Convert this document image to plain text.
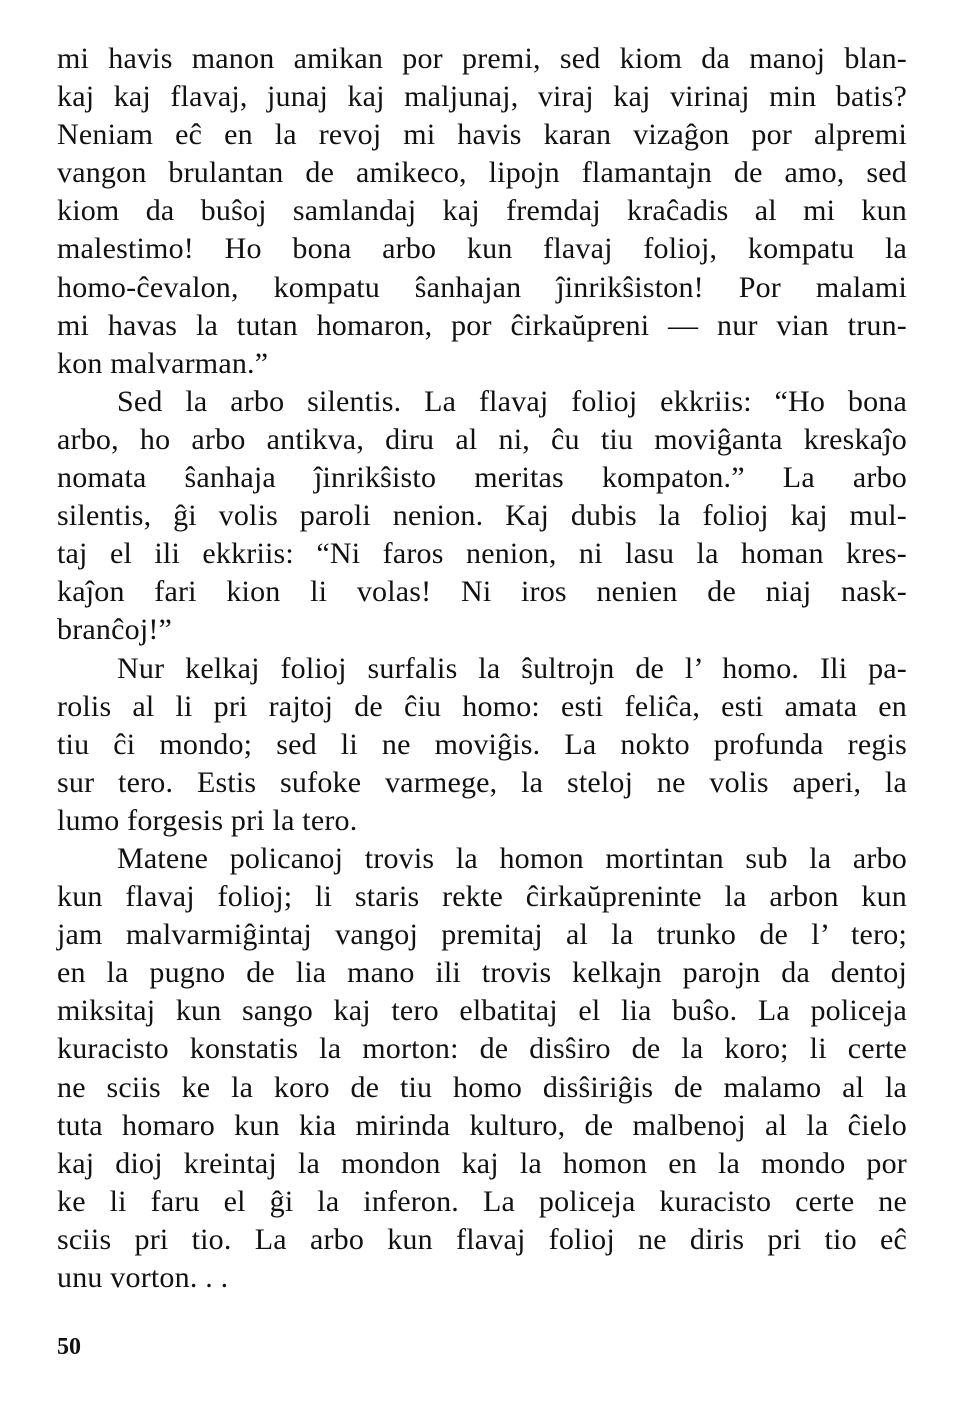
mi havis manon amikan por premi, sed kiom da manoj blan-
kaj kaj flavaj, junaj kaj maljunaj, viraj kaj virinaj min batis?
Neniam eĉ en la revoj mi havis karan vizaĝon por alpremi
vangon brulantan de amikeco, lipojn flamantajn de amo, sed
kiom da buŝoj samlandaj kaj fremdaj kraĉadis al mi kun
malestimo! Ho bona arbo kun flavaj folioj, kompatu la
homo-ĉevalon, kompatu ŝanhajan ĵinrikŝiston! Por malami
mi havas la tutan homaron, por ĉirkaŭpreni — nur vian trun-
kon malvarman.”
Sed la arbo silentis. La flavaj folioj ekkriis: “Ho bona
arbo, ho arbo antikva, diru al ni, ĉu tiu moviĝanta kreskaĵo
nomata ŝanhaja ĵinrikŝisto meritas kompaton.” La arbo
silentis, ĝi volis paroli nenion. Kaj dubis la folioj kaj mul-
taj el ili ekkriis: “Ni faros nenion, ni lasu la homan kres-
kaĵon fari kion li volas! Ni iros nenien de niaj nask-
branĉoj!”
Nur kelkaj folioj surfalis la ŝultrojn de l’ homo. Ili pa-
rolis al li pri rajtoj de ĉiu homo: esti feliĉa, esti amata en
tiu ĉi mondo; sed li ne moviĝis. La nokto profunda regis
sur tero. Estis sufoke varmege, la steloj ne volis aperi, la
lumo forgesis pri la tero.
Matene policanoj trovis la homon mortintan sub la arbo
kun flavaj folioj; li staris rekte ĉirkaŭpreninte la arbon kun
jam malvarmiĝintaj vangoj premitaj al la trunko de l’ tero;
en la pugno de lia mano ili trovis kelkajn parojn da dentoj
miksitaj kun sango kaj tero elbatitaj el lia buŝo. La policeja
kuracisto konstatis la morton: de disŝiro de la koro; li certe
ne sciis ke la koro de tiu homo disŝiriĝis de malamo al la
tuta homaro kun kia mirinda kulturo, de malbenoj al la ĉielo
kaj dioj kreintaj la mondon kaj la homon en la mondo por
ke li faru el ĝi la inferon. La policeja kuracisto certe ne
sciis pri tio. La arbo kun flavaj folioj ne diris pri tio eĉ
unu vorton. . .
50
